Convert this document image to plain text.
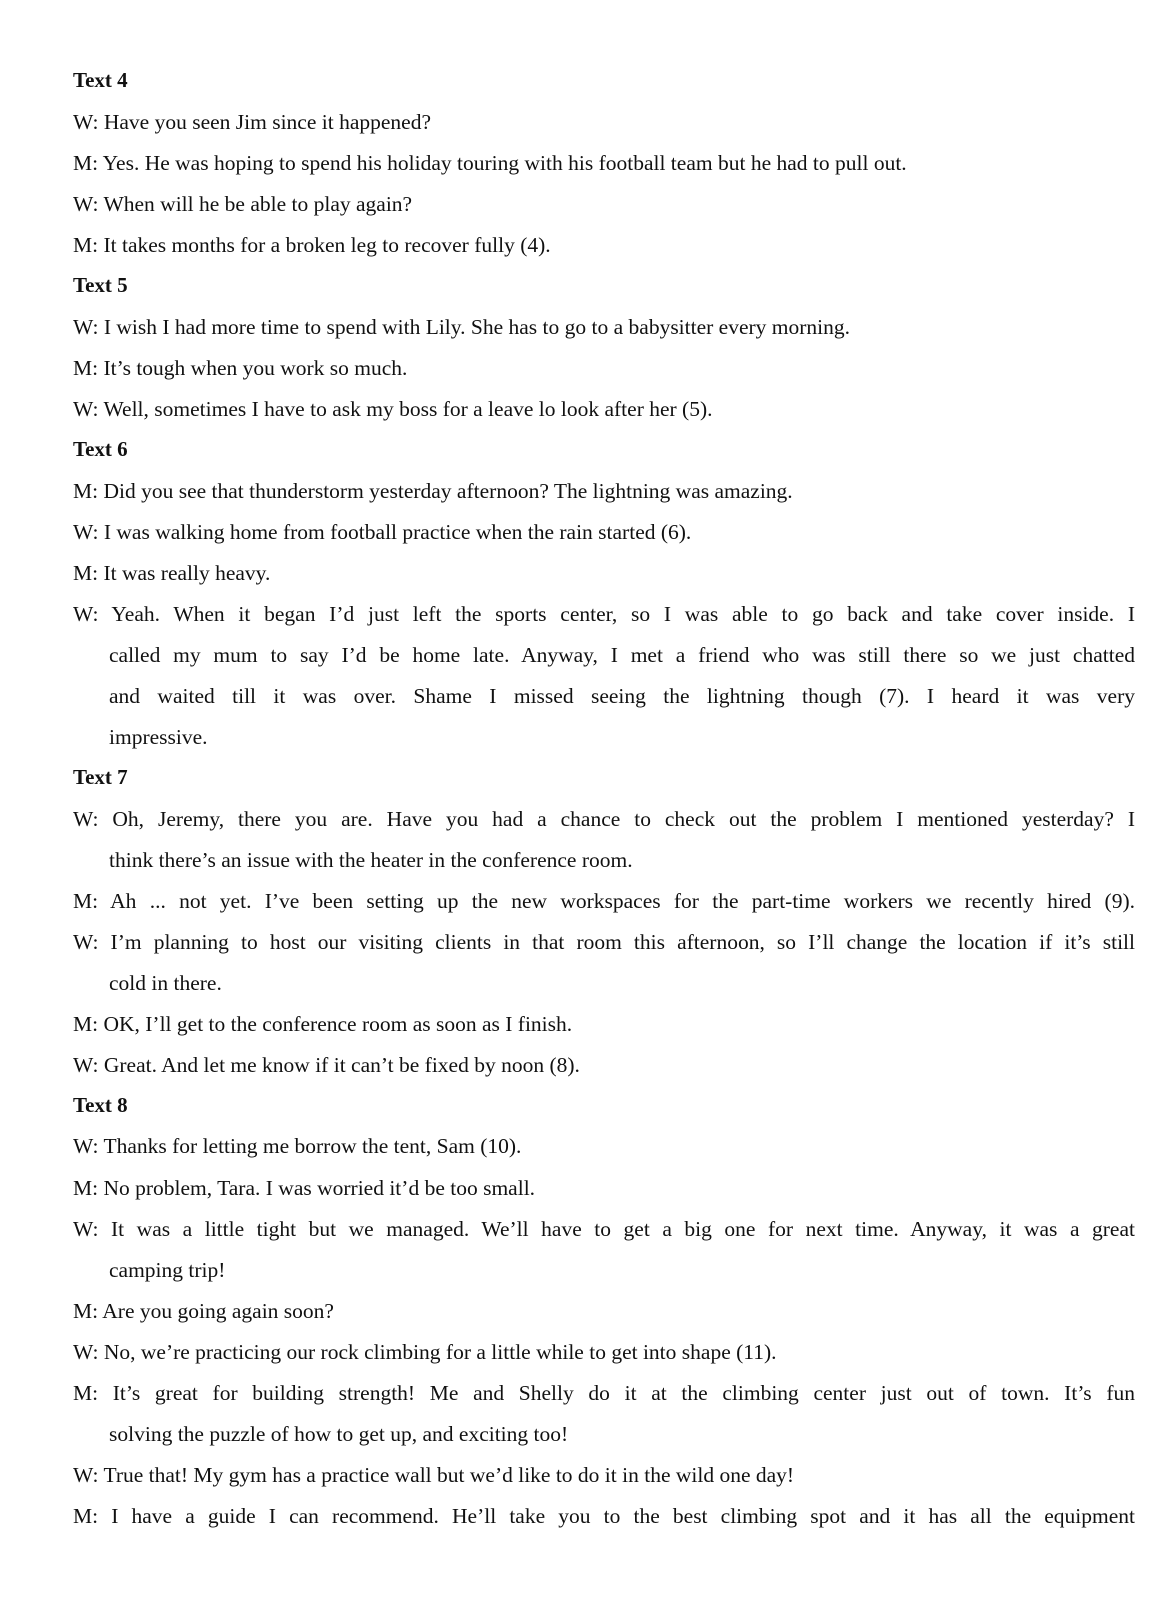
Text 4
W: Have you seen Jim since it happened?
M: Yes. He was hoping to spend his holiday touring with his football team but he had to pull out.
W: When will he be able to play again?
M: It takes months for a broken leg to recover fully (4).
Text 5
W: I wish I had more time to spend with Lily. She has to go to a babysitter every morning.
M: It’s tough when you work so much.
W: Well, sometimes I have to ask my boss for a leave lo look after her (5).
Text 6
M: Did you see that thunderstorm yesterday afternoon? The lightning was amazing.
W: I was walking home from football practice when the rain started (6).
M: It was really heavy.
W: Yeah. When it began I’d just left the sports center, so I was able to go back and take cover inside. I
called my mum to say I’d be home late. Anyway, I met a friend who was still there so we just chatted
and waited till it was over. Shame I missed seeing the lightning though (7). I heard it was very
impressive.
Text 7
W: Oh, Jeremy, there you are. Have you had a chance to check out the problem I mentioned yesterday? I
think there’s an issue with the heater in the conference room.
M: Ah ... not yet. I’ve been setting up the new workspaces for the part-time workers we recently hired (9).
W: I’m planning to host our visiting clients in that room this afternoon, so I’ll change the location if it’s still
cold in there.
M: OK, I’ll get to the conference room as soon as I finish.
W: Great. And let me know if it can’t be fixed by noon (8).
Text 8
W: Thanks for letting me borrow the tent, Sam (10).
M: No problem, Tara. I was worried it’d be too small.
W: It was a little tight but we managed. We’ll have to get a big one for next time. Anyway, it was a great
camping trip!
M: Are you going again soon?
W: No, we’re practicing our rock climbing for a little while to get into shape (11).
M: It’s great for building strength! Me and Shelly do it at the climbing center just out of town. It’s fun
solving the puzzle of how to get up, and exciting too!
W: True that! My gym has a practice wall but we’d like to do it in the wild one day!
M: I have a guide I can recommend. He’ll take you to the best climbing spot and it has all the equipment
